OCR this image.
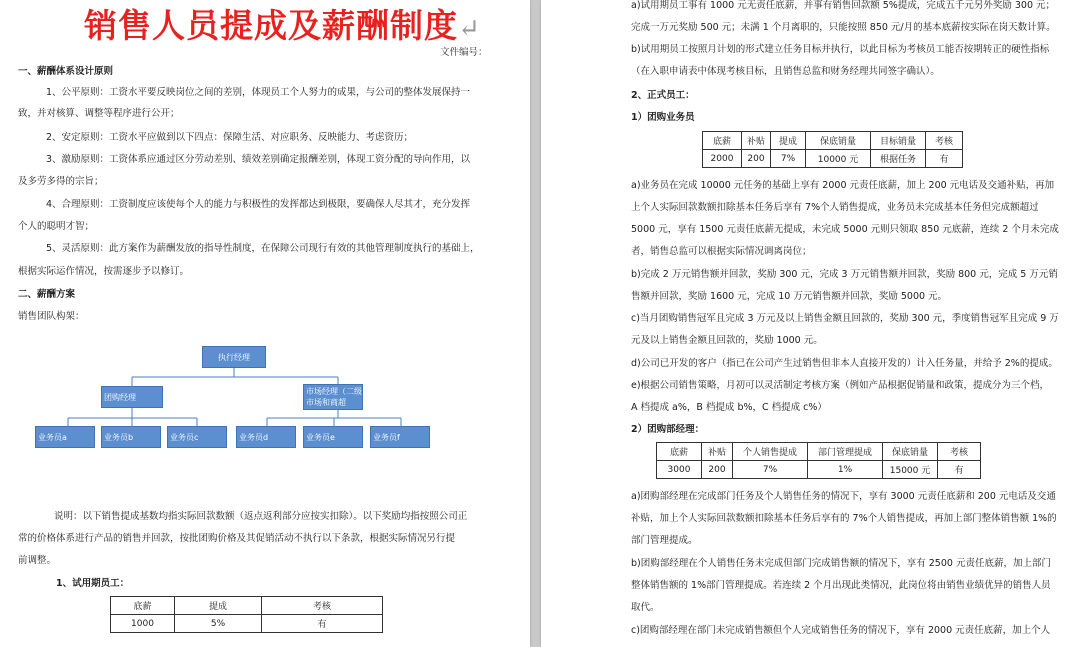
销售人员提成及薪酬制度↵
文件编号：
一、薪酬体系设计原则
1、公平原则：工资水平要反映岗位之间的差别，体现员工个人努力的成果，与公司的整体发展保持一
致，并对核算、调整等程序进行公开；
2、安定原则：工资水平应做到以下四点：保障生活、对应职务、反映能力、考虑资历；
3、激励原则：工资体系应通过区分劳动差别、绩效差别确定报酬差别，体现工资分配的导向作用，以
及多劳多得的宗旨；
4、合理原则：工资制度应该使每个人的能力与积极性的发挥都达到极限，要确保人尽其才，充分发挥
个人的聪明才智；
5、灵活原则：此方案作为薪酬发放的指导性制度，在保障公司现行有效的其他管理制度执行的基础上，
根据实际运作情况，按需逐步予以修订。
二、薪酬方案
销售团队构架：
执行经理
团购经理
市场经理（二级市场和商超
业务员a	业务员b	业务员c	业务员d	业务员e	业务员f
说明：以下销售提成基数均指实际回款数额（返点返利部分应按实扣除）。以下奖励均指按照公司正
常的价格体系进行产品的销售并回款，按批团购价格及其促销活动不执行以下条款，根据实际情况另行提
前调整。
1、试用期员工：
底薪	提成	考核
1000	5%	有
a)试用期员工事有 1000 元无责任底薪，并事有销售回款额 5%提成，完成五千元另外奖励 300 元；
完成一万元奖励 500 元；未满 1 个月离职的，只能按照 850 元/月的基本底薪按实际在岗天数计算。
b)试用期员工按照月计划的形式建立任务目标并执行，以此目标为考核员工能否按期转正的硬性指标
（在入职申请表中体现考核目标，且销售总监和财务经理共同签字确认）。
2、正式员工：
1）团购业务员
底薪	补贴	提成	保底销量	目标销量	考核
2000	200	7%	10000 元	根据任务	有
a)业务员在完成 10000 元任务的基础上享有 2000 元责任底薪，加上 200 元电话及交通补贴，再加
上个人实际回款数额扣除基本任务后享有 7%个人销售提成，业务员未完成基本任务但完成额超过
5000 元，享有 1500 元责任底薪无提成，未完成 5000 元则只领取 850 元底薪，连续 2 个月未完成
者，销售总监可以根据实际情况调离岗位；
b)完成 2 万元销售额并回款，奖励 300 元，完成 3 万元销售额并回款，奖励 800 元，完成 5 万元销
售额并回款，奖励 1600 元，完成 10 万元销售额并回款，奖励 5000 元。
c)当月团购销售冠军且完成 3 万元及以上销售金额且回款的，奖励 300 元，季度销售冠军且完成 9 万
元及以上销售金额且回款的，奖励 1000 元。
d)公司已开发的客户（指已在公司产生过销售但非本人直接开发的）计入任务量，并给予 2%的提成。
e)根据公司销售策略，月初可以灵活制定考核方案（例如产品根据促销量和政策，提成分为三个档，
A 档提成 a%，B 档提成 b%，C 档提成 c%）
2）团购部经理：
底薪	补贴	个人销售提成	部门管理提成	保底销量	考核
3000	200	7%	1%	15000 元	有
a)团购部经理在完成部门任务及个人销售任务的情况下，享有 3000 元责任底薪和 200 元电话及交通
补贴，加上个人实际回款数额扣除基本任务后享有的 7%个人销售提成，再加上部门整体销售额 1%的
部门管理提成。
b)团购部经理在个人销售任务未完成但部门完成销售额的情况下，享有 2500 元责任底薪，加上部门
整体销售额的 1%部门管理提成。若连续 2 个月出现此类情况，此岗位将由销售业绩优异的销售人员
取代。
c)团购部经理在部门未完成销售额但个人完成销售任务的情况下，享有 2000 元责任底薪，加上个人
